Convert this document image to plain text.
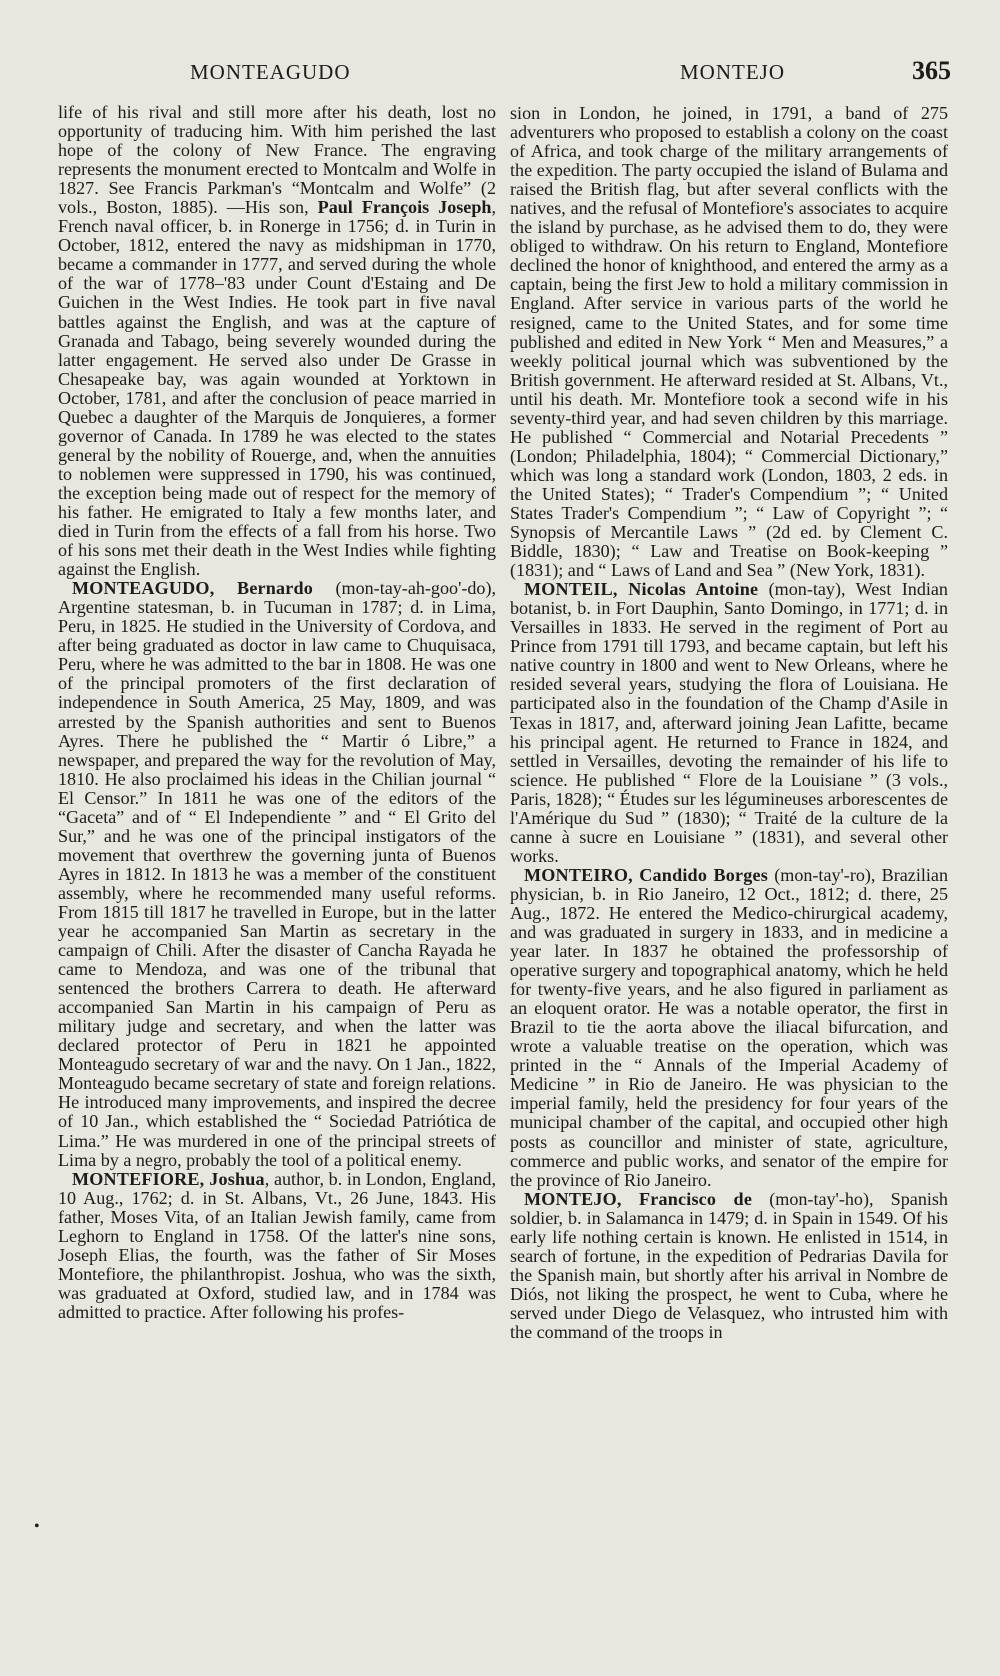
MONTEAGUDO	MONTEJO	365

life of his rival and still more after his death, lost no opportunity of traducing him. With him perished the last hope of the colony of New France. The engraving represents the monument erected to Montcalm and Wolfe in 1827. See Francis Parkman's “Montcalm and Wolfe” (2 vols., Boston, 1885). —His son, Paul François Joseph, French naval officer, b. in Ronerge in 1756; d. in Turin in October, 1812, entered the navy as midshipman in 1770, became a commander in 1777, and served during the whole of the war of 1778–'83 under Count d'Estaing and De Guichen in the West Indies. He took part in five naval battles against the English, and was at the capture of Granada and Tabago, being severely wounded during the latter engagement. He served also under De Grasse in Chesapeake bay, was again wounded at Yorktown in October, 1781, and after the conclusion of peace married in Quebec a daughter of the Marquis de Jonquieres, a former governor of Canada. In 1789 he was elected to the states general by the nobility of Rouerge, and, when the annuities to noblemen were suppressed in 1790, his was continued, the exception being made out of respect for the memory of his father. He emigrated to Italy a few months later, and died in Turin from the effects of a fall from his horse. Two of his sons met their death in the West Indies while fighting against the English.

MONTEAGUDO, Bernardo (mon-tay-ah-goo'-do), Argentine statesman, b. in Tucuman in 1787; d. in Lima, Peru, in 1825. He studied in the University of Cordova, and after being graduated as doctor in law came to Chuquisaca, Peru, where he was admitted to the bar in 1808. He was one of the principal promoters of the first declaration of independence in South America, 25 May, 1809, and was arrested by the Spanish authorities and sent to Buenos Ayres. There he published the “ Martir ó Libre,” a newspaper, and prepared the way for the revolution of May, 1810. He also proclaimed his ideas in the Chilian journal “ El Censor.” In 1811 he was one of the editors of the “Gaceta” and of “ El Independiente ” and “ El Grito del Sur,” and he was one of the principal instigators of the movement that overthrew the governing junta of Buenos Ayres in 1812. In 1813 he was a member of the constituent assembly, where he recommended many useful reforms. From 1815 till 1817 he travelled in Europe, but in the latter year he accompanied San Martin as secretary in the campaign of Chili. After the disaster of Cancha Rayada he came to Mendoza, and was one of the tribunal that sentenced the brothers Carrera to death. He afterward accompanied San Martin in his campaign of Peru as military judge and secretary, and when the latter was declared protector of Peru in 1821 he appointed Monteagudo secretary of war and the navy. On 1 Jan., 1822, Monteagudo became secretary of state and foreign relations. He introduced many improvements, and inspired the decree of 10 Jan., which established the “ Sociedad Patriótica de Lima.” He was murdered in one of the principal streets of Lima by a negro, probably the tool of a political enemy.

MONTEFIORE, Joshua, author, b. in London, England, 10 Aug., 1762; d. in St. Albans, Vt., 26 June, 1843. His father, Moses Vita, of an Italian Jewish family, came from Leghorn to England in 1758. Of the latter's nine sons, Joseph Elias, the fourth, was the father of Sir Moses Montefiore, the philanthropist. Joshua, who was the sixth, was graduated at Oxford, studied law, and in 1784 was admitted to practice. After following his profes-

sion in London, he joined, in 1791, a band of 275 adventurers who proposed to establish a colony on the coast of Africa, and took charge of the military arrangements of the expedition. The party occupied the island of Bulama and raised the British flag, but after several conflicts with the natives, and the refusal of Montefiore's associates to acquire the island by purchase, as he advised them to do, they were obliged to withdraw. On his return to England, Montefiore declined the honor of knighthood, and entered the army as a captain, being the first Jew to hold a military commission in England. After service in various parts of the world he resigned, came to the United States, and for some time published and edited in New York “ Men and Measures,” a weekly political journal which was subventioned by the British government. He afterward resided at St. Albans, Vt., until his death. Mr. Montefiore took a second wife in his seventy-third year, and had seven children by this marriage. He published “ Commercial and Notarial Precedents ” (London; Philadelphia, 1804); “ Commercial Dictionary,” which was long a standard work (London, 1803, 2 eds. in the United States); “ Trader's Compendium ”; “ United States Trader's Compendium ”; “ Law of Copyright ”; “ Synopsis of Mercantile Laws ” (2d ed. by Clement C. Biddle, 1830); “ Law and Treatise on Book-keeping ” (1831); and “ Laws of Land and Sea ” (New York, 1831).

MONTEIL, Nicolas Antoine (mon-tay), West Indian botanist, b. in Fort Dauphin, Santo Domingo, in 1771; d. in Versailles in 1833. He served in the regiment of Port au Prince from 1791 till 1793, and became captain, but left his native country in 1800 and went to New Orleans, where he resided several years, studying the flora of Louisiana. He participated also in the foundation of the Champ d'Asile in Texas in 1817, and, afterward joining Jean Lafitte, became his principal agent. He returned to France in 1824, and settled in Versailles, devoting the remainder of his life to science. He published “ Flore de la Louisiane ” (3 vols., Paris, 1828); “ Études sur les légumineuses arborescentes de l'Amérique du Sud ” (1830); “ Traité de la culture de la canne à sucre en Louisiane ” (1831), and several other works.

MONTEIRO, Candido Borges (mon-tay'-ro), Brazilian physician, b. in Rio Janeiro, 12 Oct., 1812; d. there, 25 Aug., 1872. He entered the Medico-chirurgical academy, and was graduated in surgery in 1833, and in medicine a year later. In 1837 he obtained the professorship of operative surgery and topographical anatomy, which he held for twenty-five years, and he also figured in parliament as an eloquent orator. He was a notable operator, the first in Brazil to tie the aorta above the iliacal bifurcation, and wrote a valuable treatise on the operation, which was printed in the “ Annals of the Imperial Academy of Medicine ” in Rio de Janeiro. He was physician to the imperial family, held the presidency for four years of the municipal chamber of the capital, and occupied other high posts as councillor and minister of state, agriculture, commerce and public works, and senator of the empire for the province of Rio Janeiro.

MONTEJO, Francisco de (mon-tay'-ho), Spanish soldier, b. in Salamanca in 1479; d. in Spain in 1549. Of his early life nothing certain is known. He enlisted in 1514, in search of fortune, in the expedition of Pedrarias Davila for the Spanish main, but shortly after his arrival in Nombre de Diós, not liking the prospect, he went to Cuba, where he served under Diego de Velasquez, who intrusted him with the command of the troops in

•
